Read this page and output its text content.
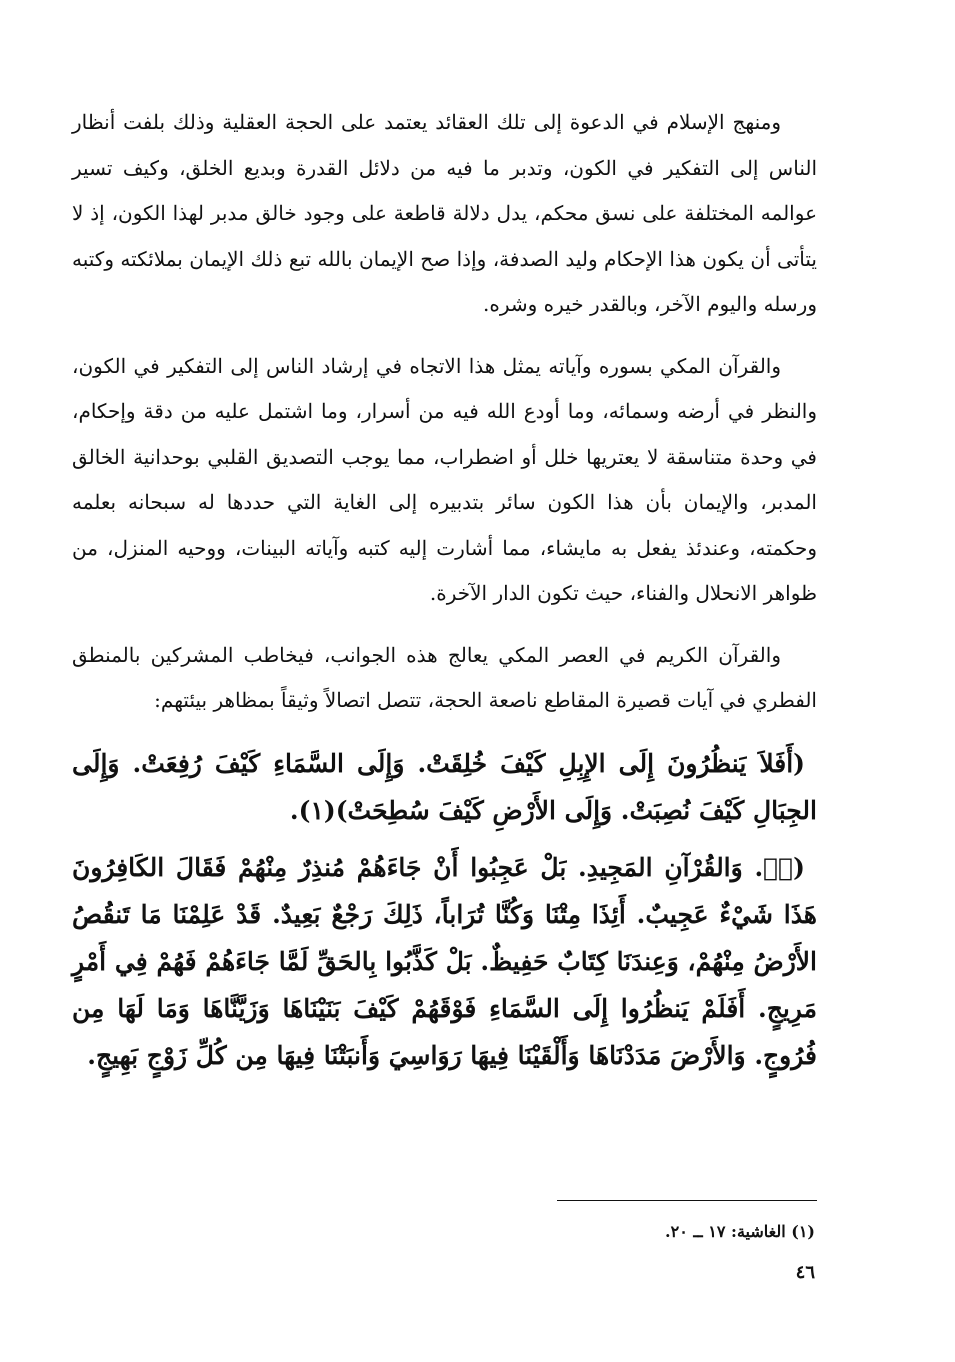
ومنهج الإسلام في الدعوة إلى تلك العقائد يعتمد على الحجة العقلية وذلك بلفت أنظار الناس إلى التفكير في الكون، وتدبر ما فيه من دلائل القدرة وبديع الخلق، وكيف تسير عوالمه المختلفة على نسق محكم، يدل دلالة قاطعة على وجود خالق مدبر لهذا الكون، إذ لا يتأتى أن يكون هذا الإحكام وليد الصدفة، وإذا صح الإيمان بالله تبع ذلك الإيمان بملائكته وكتبه ورسله واليوم الآخر، وبالقدر خيره وشره.

والقرآن المكي بسوره وآياته يمثل هذا الاتجاه في إرشاد الناس إلى التفكير في الكون، والنظر في أرضه وسمائه، وما أودع الله فيه من أسرار، وما اشتمل عليه من دقة وإحكام، في وحدة متناسقة لا يعتريها خلل أو اضطراب، مما يوجب التصديق القلبي بوحدانية الخالق المدبر، والإيمان بأن هذا الكون سائر بتدبيره إلى الغاية التي حددها له سبحانه بعلمه وحكمته، وعندئذ يفعل به مايشاء، مما أشارت إليه كتبه وآياته البينات، ووحيه المنزل، من ظواهر الانحلال والفناء، حيث تكون الدار الآخرة.

والقرآن الكريم في العصر المكي يعالج هذه الجوانب، فيخاطب المشركين بالمنطق الفطري في آيات قصيرة المقاطع ناصعة الحجة، تتصل اتصالاً وثيقاً بمظاهر بيئتهم:

(أَفَلاَ يَنظُرُونَ إِلَى الإِبِلِ كَيْفَ خُلِقَتْ. وَإِلَى السَّمَاءِ كَيْفَ رُفِعَتْ. وَإِلَى الجِبَالِ كَيْفَ نُصِبَتْ. وَإِلَى الأَرْضِ كَيْفَ سُطِحَتْ)(١).

(قۤ. وَالقُرْآنِ المَجِيدِ. بَلْ عَجِبُوا أَنْ جَاءَهُمْ مُنذِرٌ مِنْهُمْ فَقَالَ الكَافِرُونَ هَذَا شَيْءٌ عَجِيبٌ. أَئِذَا مِتْنَا وَكُنَّا تُرَاباً، ذَلِكَ رَجْعٌ بَعِيدٌ. قَدْ عَلِمْنَا مَا تَنقُصُ الأَرْضُ مِنْهُمْ، وَعِندَنَا كِتَابٌ حَفِيظٌ. بَلْ كَذَّبُوا بِالحَقِّ لَمَّا جَاءَهُمْ فَهُمْ فِي أَمْرٍ مَرِيجٍ. أَفَلَمْ يَنظُرُوا إِلَى السَّمَاءِ فَوْقَهُمْ كَيْفَ بَنَيْنَاهَا وَزَيَّنَّاهَا وَمَا لَهَا مِن فُرُوجٍ. وَالأَرْضَ مَدَدْنَاهَا وَأَلْقَيْنَا فِيهَا رَوَاسِيَ وَأَنبَتْنَا فِيهَا مِن كُلِّ زَوْجٍ بَهِيجٍ.

(١) الغاشية: ١٧ ــ ٢٠.
٤٦
